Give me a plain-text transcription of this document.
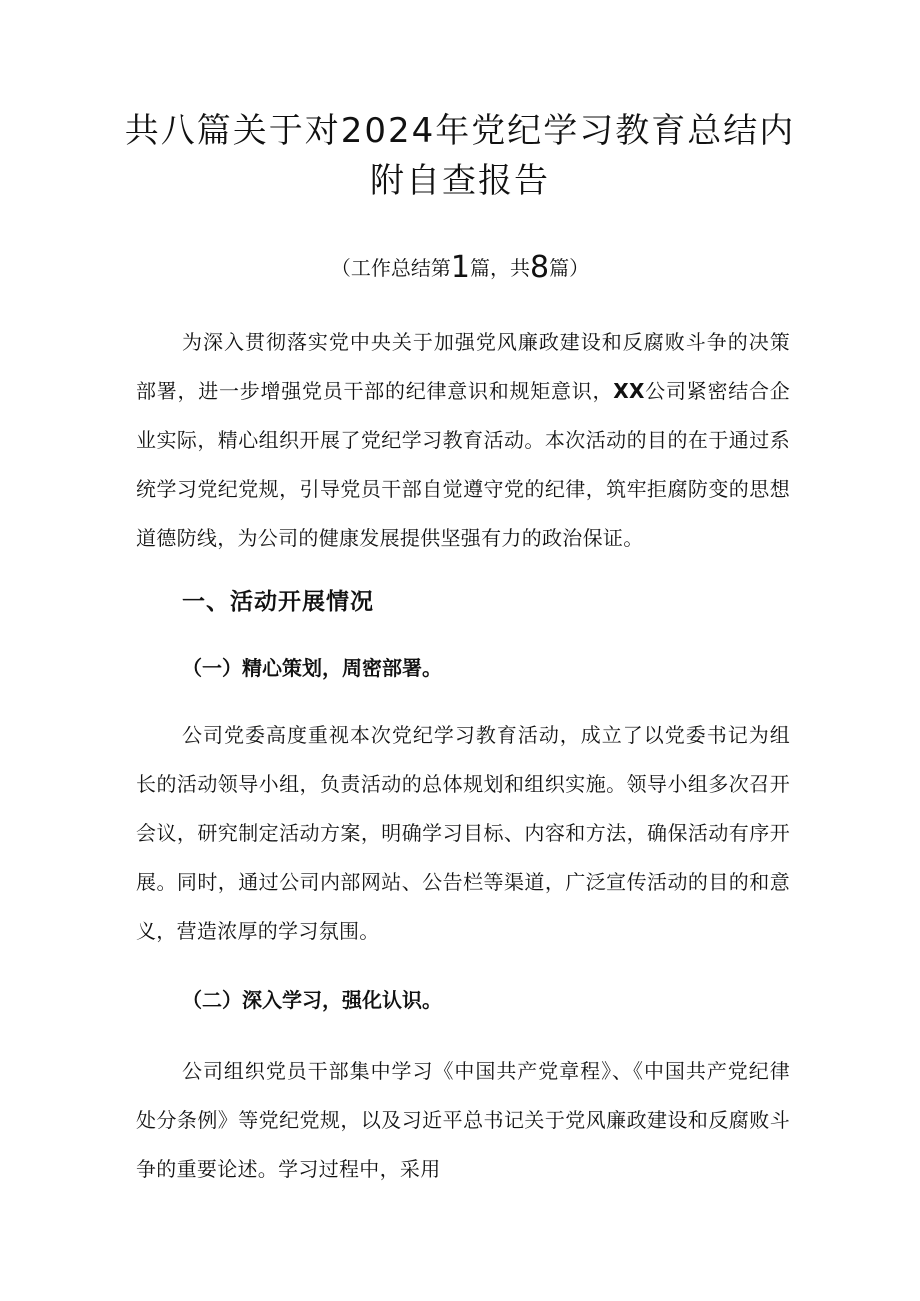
共八篇关于对2024年党纪学习教育总结内
附自查报告
（工作总结第1篇，共8篇）

为深入贯彻落实党中央关于加强党风廉政建设和反腐败斗争的决策部署，进一步增强党员干部的纪律意识和规矩意识，XX公司紧密结合企业实际，精心组织开展了党纪学习教育活动。本次活动的目的在于通过系统学习党纪党规，引导党员干部自觉遵守党的纪律，筑牢拒腐防变的思想道德防线，为公司的健康发展提供坚强有力的政治保证。

一、活动开展情况
（一）精心策划，周密部署。

公司党委高度重视本次党纪学习教育活动，成立了以党委书记为组长的活动领导小组，负责活动的总体规划和组织实施。领导小组多次召开会议，研究制定活动方案，明确学习目标、内容和方法，确保活动有序开展。同时，通过公司内部网站、公告栏等渠道，广泛宣传活动的目的和意义，营造浓厚的学习氛围。

（二）深入学习，强化认识。

公司组织党员干部集中学习《中国共产党章程》、《中国共产党纪律处分条例》等党纪党规，以及习近平总书记关于党风廉政建设和反腐败斗争的重要论述。学习过程中，采用
